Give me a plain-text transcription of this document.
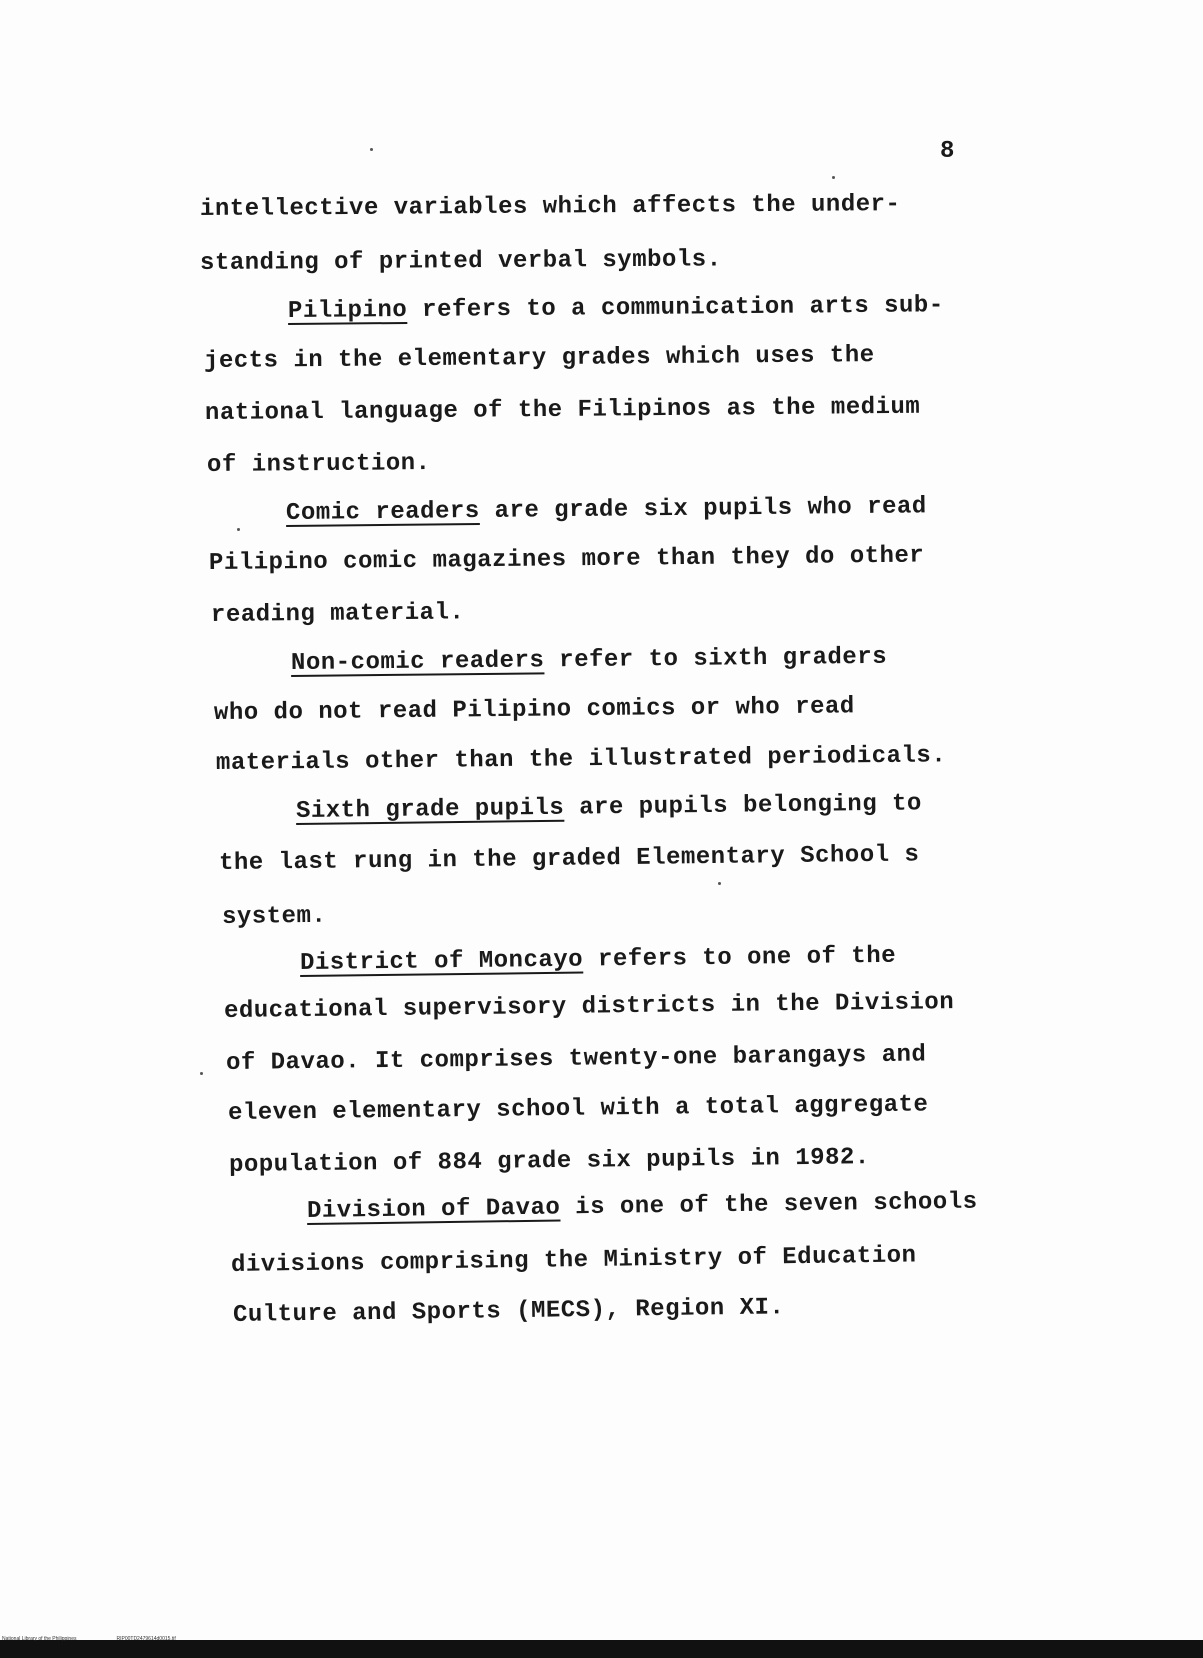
8
intellective variables which affects the under-
standing of printed verbal symbols.
Pilipino refers to a communication arts sub-
jects in the elementary grades which uses the
national language of the Filipinos as the medium
of instruction.
Comic readers are grade six pupils who read
Pilipino comic magazines more than they do other
reading material.
Non-comic readers refer to sixth graders
who do not read Pilipino comics or who read
materials other than the illustrated periodicals.
Sixth grade pupils are pupils belonging to
the last rung in the graded Elementary School s
system.
District of Moncayo refers to one of the
educational supervisory districts in the Division
of Davao. It comprises twenty-one barangays and
eleven elementary school with a total aggregate
population of 884 grade six pupils in 1982.
Division of Davao is one of the seven schools
divisions comprising the Ministry of Education
Culture and Sports (MECS), Region XI.
National Library of the Philippines	RIP00TD2479614d0015.tif
